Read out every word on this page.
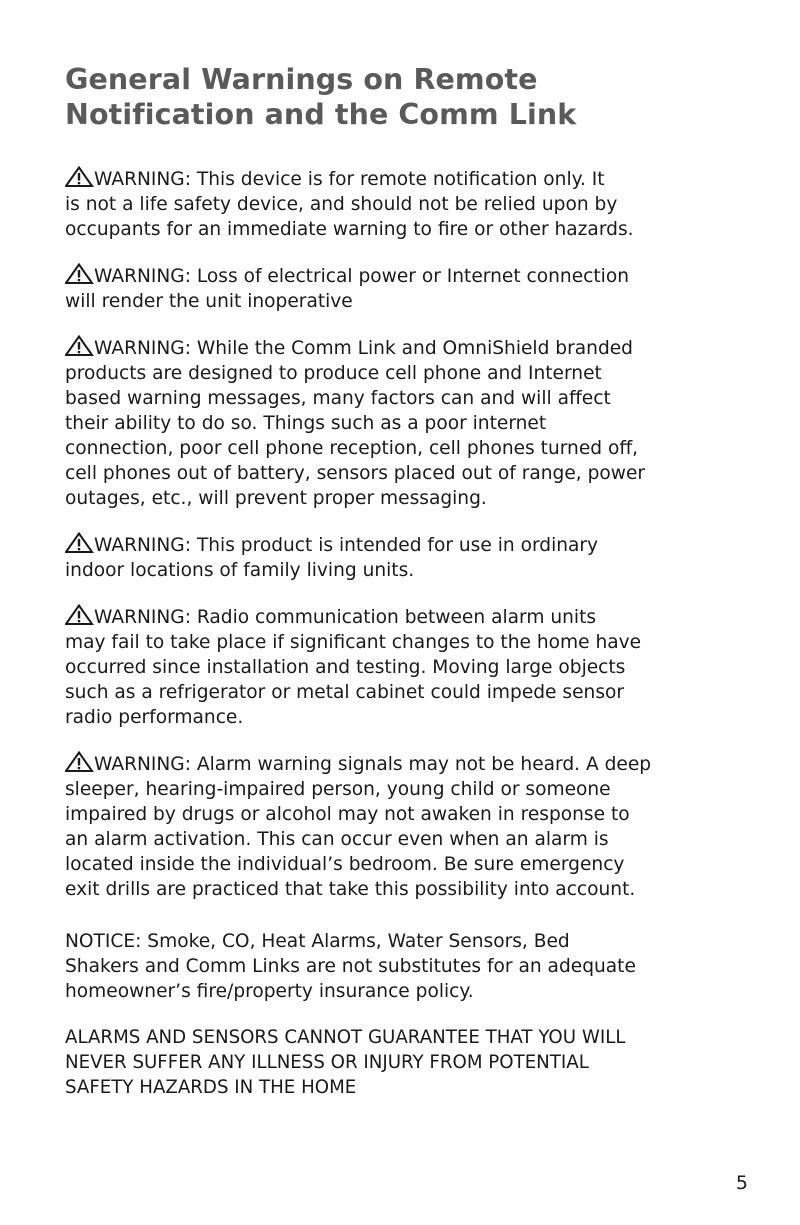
General Warnings on Remote
Notification and the Comm Link
WARNING: This device is for remote notification only. It
is not a life safety device, and should not be relied upon by
occupants for an immediate warning to fire or other hazards.
WARNING: Loss of electrical power or Internet connection
will render the unit inoperative
WARNING: While the Comm Link and OmniShield branded
products are designed to produce cell phone and Internet
based warning messages, many factors can and will affect
their ability to do so. Things such as a poor internet
connection, poor cell phone reception, cell phones turned off,
cell phones out of battery, sensors placed out of range, power
outages, etc., will prevent proper messaging.
WARNING: This product is intended for use in ordinary
indoor locations of family living units.
WARNING: Radio communication between alarm units
may fail to take place if significant changes to the home have
occurred since installation and testing. Moving large objects
such as a refrigerator or metal cabinet could impede sensor
radio performance.
WARNING: Alarm warning signals may not be heard. A deep
sleeper, hearing-impaired person, young child or someone
impaired by drugs or alcohol may not awaken in response to
an alarm activation. This can occur even when an alarm is
located inside the individual’s bedroom. Be sure emergency
exit drills are practiced that take this possibility into account.
NOTICE: Smoke, CO, Heat Alarms, Water Sensors, Bed
Shakers and Comm Links are not substitutes for an adequate
homeowner’s fire/property insurance policy.
ALARMS AND SENSORS CANNOT GUARANTEE THAT YOU WILL
NEVER SUFFER ANY ILLNESS OR INJURY FROM POTENTIAL
SAFETY HAZARDS IN THE HOME
5
